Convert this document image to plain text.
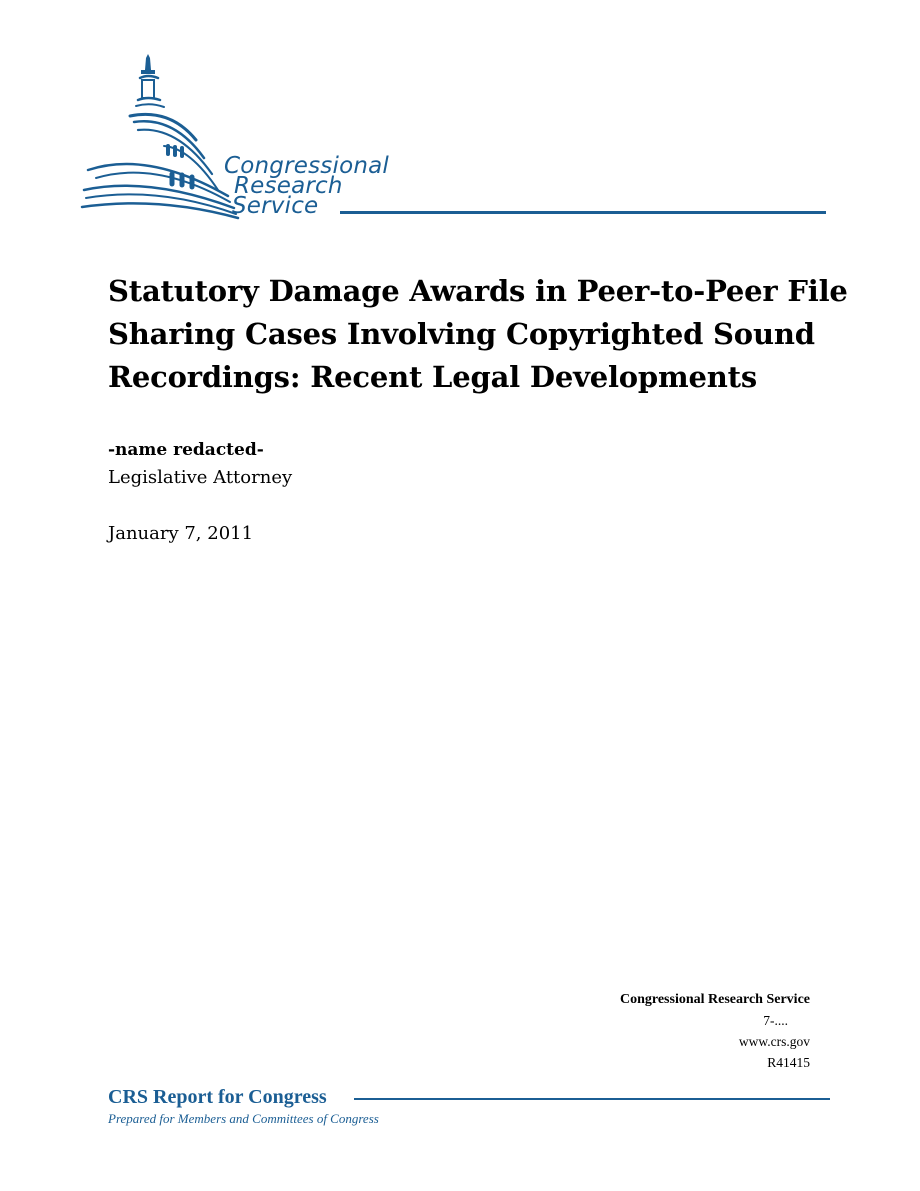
Congressional
Research
Service
Statutory Damage Awards in Peer-to-Peer File Sharing Cases Involving Copyrighted Sound Recordings: Recent Legal Developments
-name redacted-
Legislative Attorney
January 7, 2011
Congressional Research Service
7-....
www.crs.gov
R41415
CRS Report for Congress
Prepared for Members and Committees of Congress
